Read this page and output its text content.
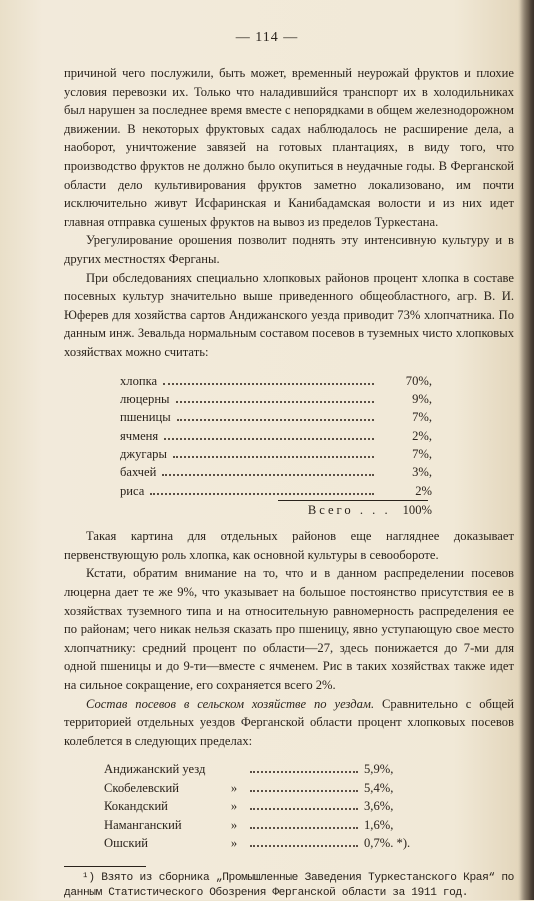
— 114 —

причиной чего послужили, быть может, временный неурожай фруктов и плохие условия перевозки их. Только что наладившийся транспорт их в холодильниках был нарушен за последнее время вместе с непорядками в общем железнодорожном движении. В некоторых фруктовых садах наблюдалось не расширение дела, а наоборот, уничтожение завязей на готовых плантациях, в виду того, что производство фруктов не должно было окупиться в неудачные годы. В Ферганской области дело культивирования фруктов заметно локализовано, им почти исключительно живут Исфаринская и Канибадамская волости и из них идет главная отправка сушеных фруктов на вывоз из пределов Туркестана.

Урегулирование орошения позволит поднять эту интенсивную культуру и в других местностях Ферганы.

При обследованиях специально хлопковых районов процент хлопка в составе посевных культур значительно выше приведенного общеобластного, агр. В. И. Юферев для хозяйства сартов Андижанского уезда приводит 73% хлопчатника. По данным инж. Зевальда нормальным составом посевов в туземных чисто хлопковых хозяйствах можно считать:

хлопка	70%,
люцерны	9%,
пшеницы	7%,
ячменя	2%,
джугары	7%,
бахчей	3%,
риса	2%
Всего . . . 100%

Такая картина для отдельных районов еще нагляднее доказывает первенствующую роль хлопка, как основной культуры в севообороте.

Кстати, обратим внимание на то, что и в данном распределении посевов люцерна дает те же 9%, что указывает на большое постоянство присутствия ее в хозяйствах туземного типа и на относительную равномерность распределения ее по районам; чего никак нельзя сказать про пшеницу, явно уступающую свое место хлопчатнику: средний процент по области—27, здесь понижается до 7-ми для одной пшеницы и до 9-ти—вместе с ячменем. Рис в таких хозяйствах также идет на сильное сокращение, его сохраняется всего 2%.

Состав посевов в сельском хозяйстве по уездам. Сравнительно с общей территорией отдельных уездов Ферганской области процент хлопковых посевов колеблется в следующих пределах:

Андижанский уезд	5,9%,
Скобелевский	»	5,4%,
Кокандский	»	3,6%,
Наманганский	»	1,6%,
Ошский	»	0,7%. *).

¹) Взято из сборника „Промышленные Заведения Туркестанского Края“ по данным Статистического Обозрения Ферганской области за 1911 год.
